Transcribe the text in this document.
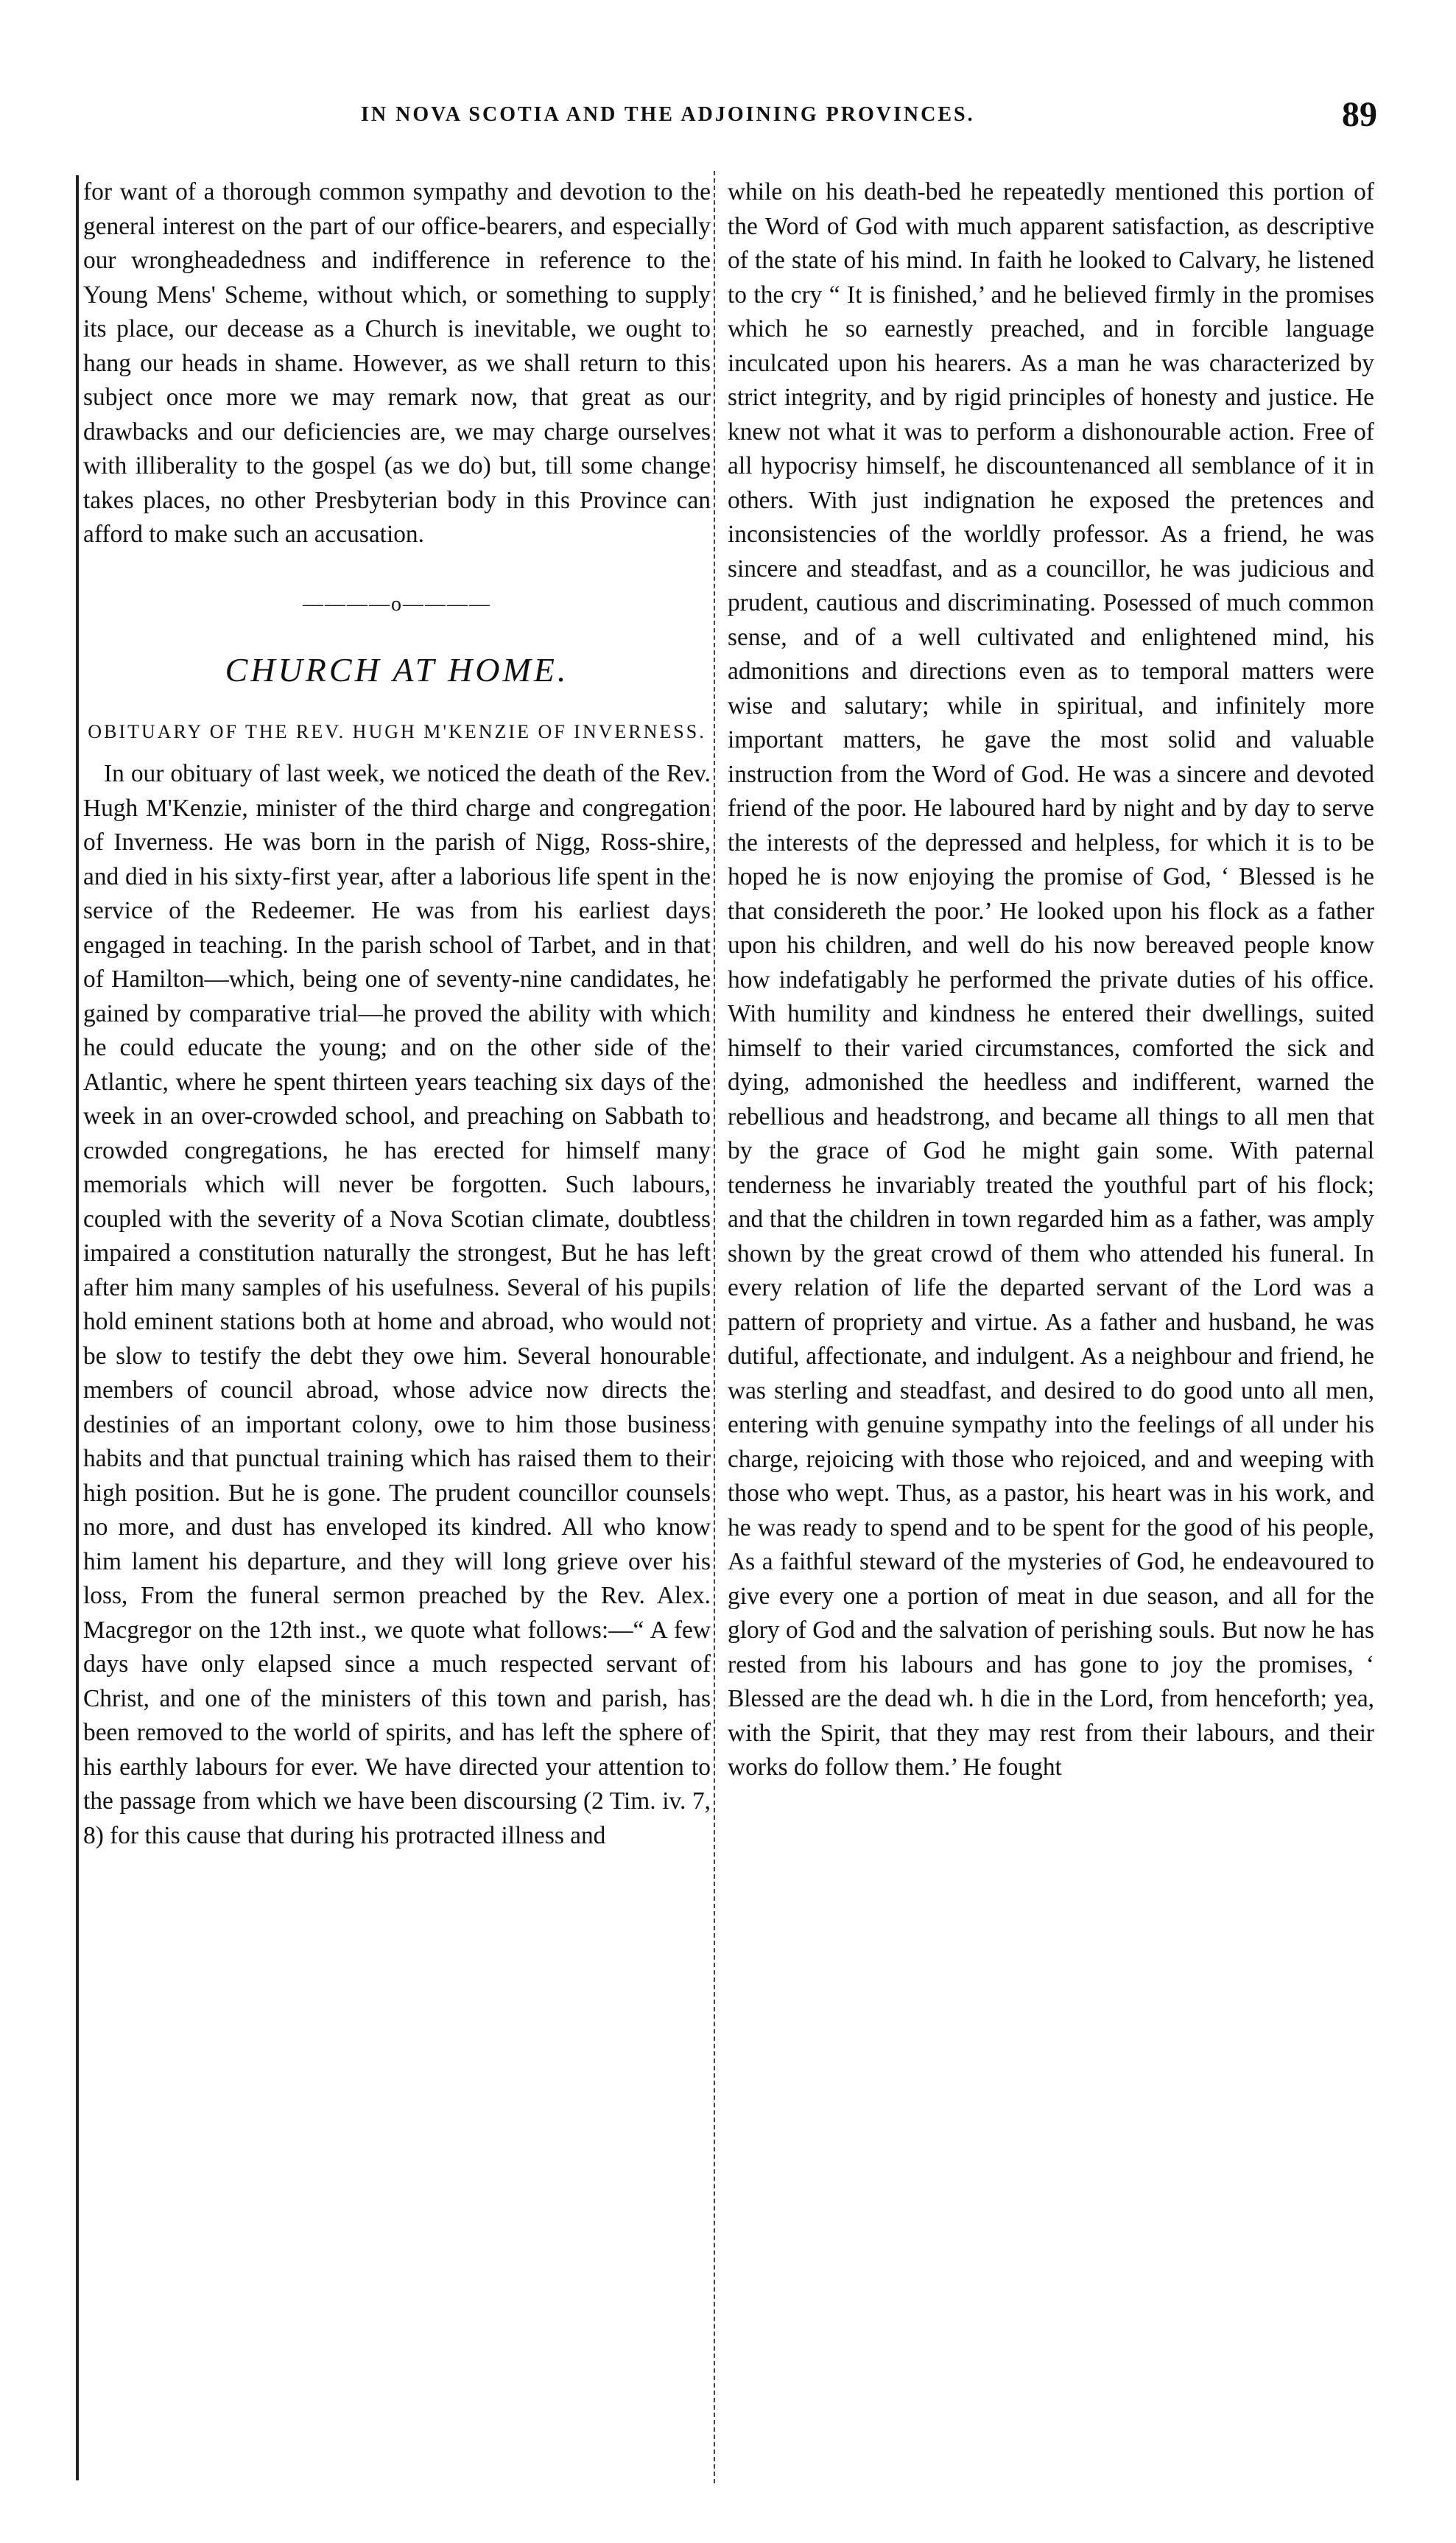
IN NOVA SCOTIA AND THE ADJOINING PROVINCES.	89

for want of a thorough common sympathy and devotion to the general interest on the part of our office-bearers, and especially our wrongheadedness and indifference in reference to the Young Mens' Scheme, without which, or something to supply its place, our decease as a Church is inevitable, we ought to hang our heads in shame. However, as we shall return to this subject once more we may remark now, that great as our drawbacks and our deficiencies are, we may charge ourselves with illiberality to the gospel (as we do) but, till some change takes places, no other Presbyterian body in this Province can afford to make such an accusation.

————o————
CHURCH AT HOME.
OBITUARY OF THE REV. HUGH M'KENZIE OF INVERNESS.

In our obituary of last week, we noticed the death of the Rev. Hugh M'Kenzie, minister of the third charge and congregation of Inverness. He was born in the parish of Nigg, Ross-shire, and died in his sixty-first year, after a laborious life spent in the service of the Redeemer. He was from his earliest days engaged in teaching. In the parish school of Tarbet, and in that of Hamilton—which, being one of seventy-nine candidates, he gained by comparative trial—he proved the ability with which he could educate the young; and on the other side of the Atlantic, where he spent thirteen years teaching six days of the week in an over-crowded school, and preaching on Sabbath to crowded congregations, he has erected for himself many memorials which will never be forgotten. Such labours, coupled with the severity of a Nova Scotian climate, doubtless impaired a constitution naturally the strongest, But he has left after him many samples of his usefulness. Several of his pupils hold eminent stations both at home and abroad, who would not be slow to testify the debt they owe him. Several honourable members of council abroad, whose advice now directs the destinies of an important colony, owe to him those business habits and that punctual training which has raised them to their high position. But he is gone. The prudent councillor counsels no more, and dust has enveloped its kindred. All who know him lament his departure, and they will long grieve over his loss, From the funeral sermon preached by the Rev. Alex. Macgregor on the 12th inst., we quote what follows:—“ A few days have only elapsed since a much respected servant of Christ, and one of the ministers of this town and parish, has been removed to the world of spirits, and has left the sphere of his earthly labours for ever. We have directed your attention to the passage from which we have been discoursing (2 Tim. iv. 7, 8) for this cause that during his protracted illness and

while on his death-bed he repeatedly mentioned this portion of the Word of God with much apparent satisfaction, as descriptive of the state of his mind. In faith he looked to Calvary, he listened to the cry “ It is finished,’ and he believed firmly in the promises which he so earnestly preached, and in forcible language inculcated upon his hearers. As a man he was characterized by strict integrity, and by rigid principles of honesty and justice. He knew not what it was to perform a dishonourable action. Free of all hypocrisy himself, he discountenanced all semblance of it in others. With just indignation he exposed the pretences and inconsistencies of the worldly professor. As a friend, he was sincere and steadfast, and as a councillor, he was judicious and prudent, cautious and discriminating. Posessed of much common sense, and of a well cultivated and enlightened mind, his admonitions and directions even as to temporal matters were wise and salutary; while in spiritual, and infinitely more important matters, he gave the most solid and valuable instruction from the Word of God. He was a sincere and devoted friend of the poor. He laboured hard by night and by day to serve the interests of the depressed and helpless, for which it is to be hoped he is now enjoying the promise of God, ‘ Blessed is he that considereth the poor.’ He looked upon his flock as a father upon his children, and well do his now bereaved people know how indefatigably he performed the private duties of his office. With humility and kindness he entered their dwellings, suited himself to their varied circumstances, comforted the sick and dying, admonished the heedless and indifferent, warned the rebellious and headstrong, and became all things to all men that by the grace of God he might gain some. With paternal tenderness he invariably treated the youthful part of his flock; and that the children in town regarded him as a father, was amply shown by the great crowd of them who attended his funeral. In every relation of life the departed servant of the Lord was a pattern of propriety and virtue. As a father and husband, he was dutiful, affectionate, and indulgent. As a neighbour and friend, he was sterling and steadfast, and desired to do good unto all men, entering with genuine sympathy into the feelings of all under his charge, rejoicing with those who rejoiced, and and weeping with those who wept. Thus, as a pastor, his heart was in his work, and he was ready to spend and to be spent for the good of his people, As a faithful steward of the mysteries of God, he endeavoured to give every one a portion of meat in due season, and all for the glory of God and the salvation of perishing souls. But now he has rested from his labours and has gone to joy the promises, ‘ Blessed are the dead wh. h die in the Lord, from henceforth; yea, with the Spirit, that they may rest from their labours, and their works do follow them.’ He fought
